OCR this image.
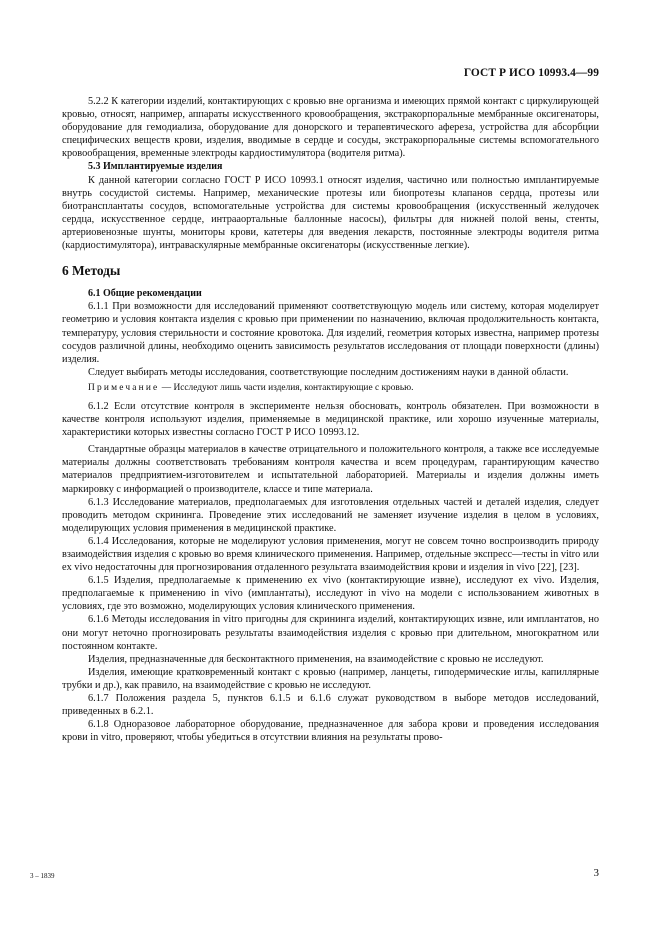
ГОСТ Р ИСО 10993.4—99

5.2.2 К категории изделий, контактирующих с кровью вне организма и имеющих прямой контакт с циркулирующей кровью, относят, например, аппараты искусственного кровообращения, экстракорпоральные мембранные оксигенаторы, оборудование для гемодиализа, оборудование для донорского и терапевтического афереза, устройства для абсорбции специфических веществ крови, изделия, вводимые в сердце и сосуды, экстракорпоральные системы вспомогательного кровообращения, временные электроды кардиостимулятора (водителя ритма).

5.3 Имплантируемые изделия

К данной категории согласно ГОСТ Р ИСО 10993.1 относят изделия, частично или полностью имплантируемые внутрь сосудистой системы. Например, механические протезы или биопротезы клапанов сердца, протезы или биотрансплантаты сосудов, вспомогательные устройства для системы кровообращения (искусственный желудочек сердца, искусственное сердце, интрааортальные баллонные насосы), фильтры для нижней полой вены, стенты, артериовенозные шунты, мониторы крови, катетеры для введения лекарств, постоянные электроды водителя ритма (кардиостимулятора), интраваскулярные мембранные оксигенаторы (искусственные легкие).

6 Методы
6.1 Общие рекомендации

6.1.1 При возможности для исследований применяют соответствующую модель или систему, которая моделирует геометрию и условия контакта изделия с кровью при применении по назначению, включая продолжительность контакта, температуру, условия стерильности и состояние кровотока. Для изделий, геометрия которых известна, например протезы сосудов различной длины, необходимо оценить зависимость результатов исследования от площади поверхности (длины) изделия.

Следует выбирать методы исследования, соответствующие последним достижениям науки в данной области.

Примечание — Исследуют лишь части изделия, контактирующие с кровью.

6.1.2 Если отсутствие контроля в эксперименте нельзя обосновать, контроль обязателен. При возможности в качестве контроля используют изделия, применяемые в медицинской практике, или хорошо изученные материалы, характеристики которых известны согласно ГОСТ Р ИСО 10993.12.

Стандартные образцы материалов в качестве отрицательного и положительного контроля, а также все исследуемые материалы должны соответствовать требованиям контроля качества и всем процедурам, гарантирующим качество материалов предприятием-изготовителем и испытательной лабораторией. Материалы и изделия должны иметь маркировку с информацией о производителе, классе и типе материала.

6.1.3 Исследование материалов, предполагаемых для изготовления отдельных частей и деталей изделия, следует проводить методом скрининга. Проведение этих исследований не заменяет изучение изделия в целом в условиях, моделирующих условия применения в медицинской практике.

6.1.4 Исследования, которые не моделируют условия применения, могут не совсем точно воспроизводить природу взаимодействия изделия с кровью во время клинического применения. Например, отдельные экспресс—тесты in vitro или ex vivo недостаточны для прогнозирования отдаленного результата взаимодействия крови и изделия in vivo [22], [23].

6.1.5 Изделия, предполагаемые к применению ex vivo (контактирующие извне), исследуют ex vivo. Изделия, предполагаемые к применению in vivo (имплантаты), исследуют in vivo на модели с использованием животных в условиях, где это возможно, моделирующих условия клинического применения.

6.1.6 Методы исследования in vitro пригодны для скрининга изделий, контактирующих извне, или имплантатов, но они могут неточно прогнозировать результаты взаимодействия изделия с кровью при длительном, многократном или постоянном контакте.

Изделия, предназначенные для бесконтактного применения, на взаимодействие с кровью не исследуют.

Изделия, имеющие кратковременный контакт с кровью (например, ланцеты, гиподермические иглы, капиллярные трубки и др.), как правило, на взаимодействие с кровью не исследуют.

6.1.7 Положения раздела 5, пунктов 6.1.5 и 6.1.6 служат руководством в выборе методов исследований, приведенных в 6.2.1.

6.1.8 Одноразовое лабораторное оборудование, предназначенное для забора крови и проведения исследования крови in vitro, проверяют, чтобы убедиться в отсутствии влияния на результаты прово-

3 – 1839	3
